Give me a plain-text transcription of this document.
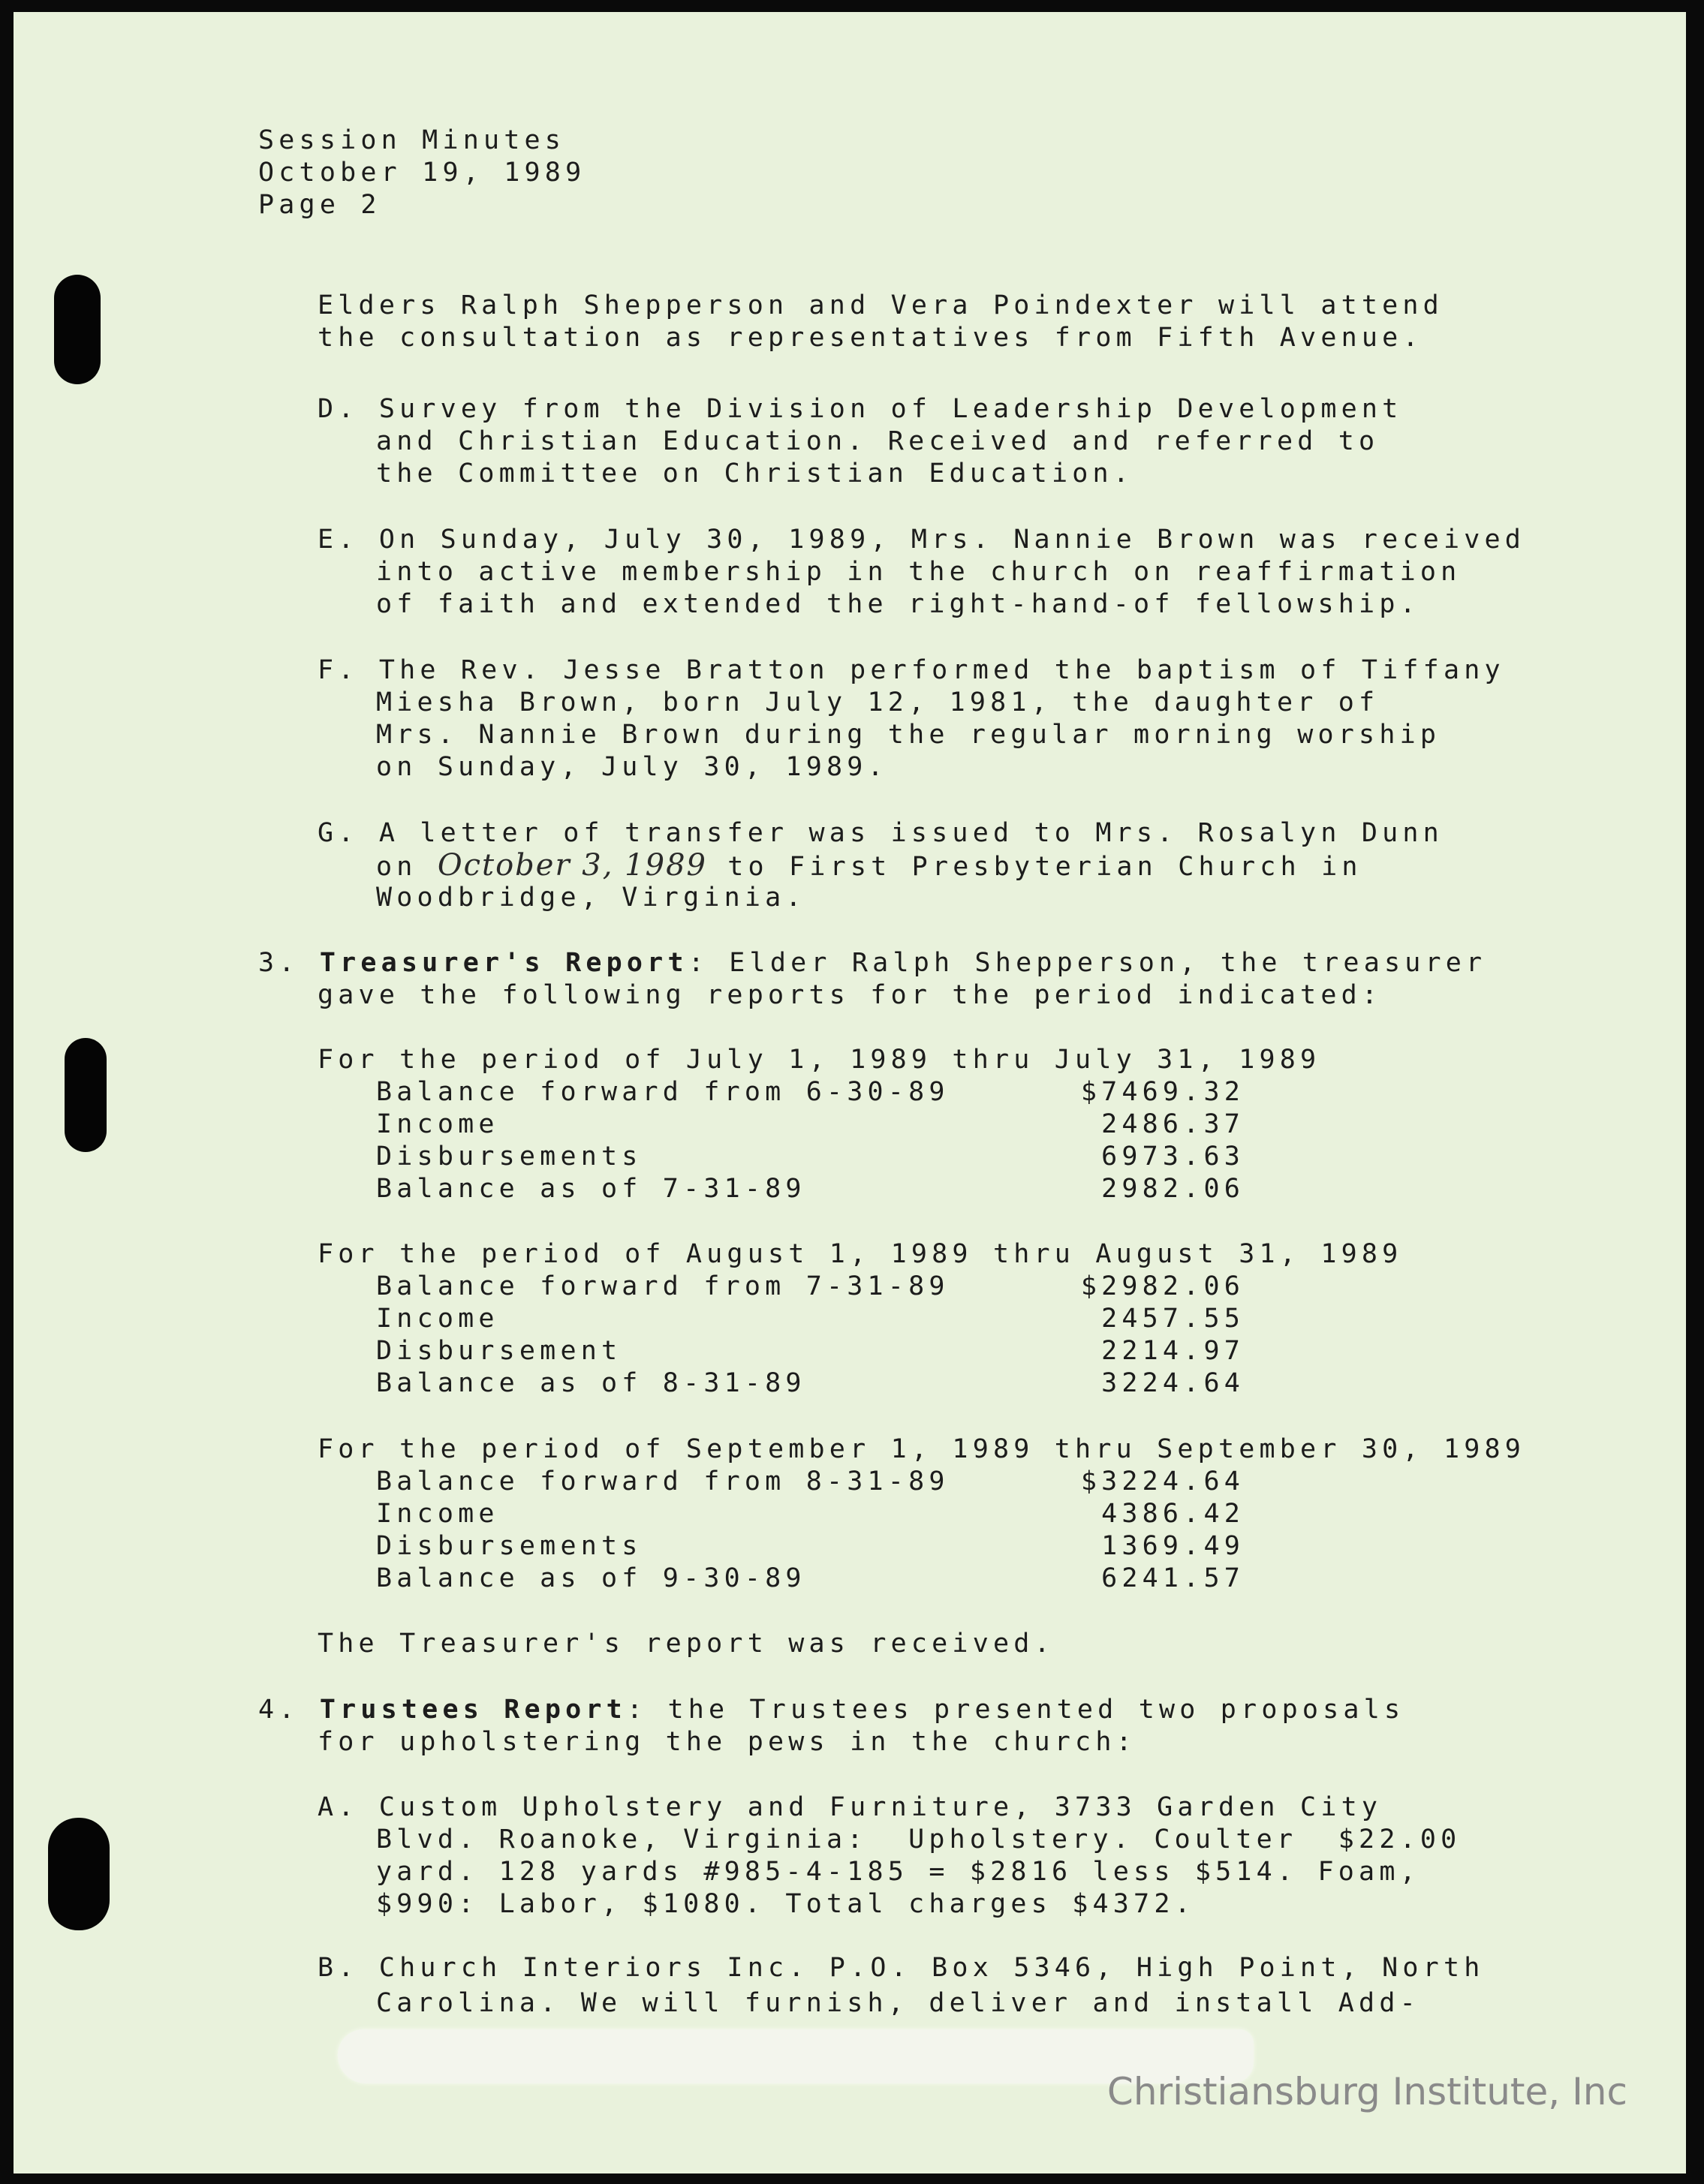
Session Minutes
October 19, 1989
Page 2
Elders Ralph Shepperson and Vera Poindexter will attend
the consultation as representatives from Fifth Avenue.
D. Survey from the Division of Leadership Development
and Christian Education. Received and referred to
the Committee on Christian Education.
E. On Sunday, July 30, 1989, Mrs. Nannie Brown was received
into active membership in the church on reaffirmation
of faith and extended the right-hand-of fellowship.
F. The Rev. Jesse Bratton performed the baptism of Tiffany
Miesha Brown, born July 12, 1981, the daughter of
Mrs. Nannie Brown during the regular morning worship
on Sunday, July 30, 1989.
G. A letter of transfer was issued to Mrs. Rosalyn Dunn
on October 3, 1989 to First Presbyterian Church in
Woodbridge, Virginia.
3. Treasurer's Report: Elder Ralph Shepperson, the treasurer
gave the following reports for the period indicated:
For the period of July 1, 1989 thru July 31, 1989
Balance forward from 6-30-89	$7469.32
Income	2486.37
Disbursements	6973.63
Balance as of 7-31-89	2982.06
For the period of August 1, 1989 thru August 31, 1989
Balance forward from 7-31-89	$2982.06
Income	2457.55
Disbursement	2214.97
Balance as of 8-31-89	3224.64
For the period of September 1, 1989 thru September 30, 1989
Balance forward from 8-31-89	$3224.64
Income	4386.42
Disbursements	1369.49
Balance as of 9-30-89	6241.57
The Treasurer's report was received.
4. Trustees Report: the Trustees presented two proposals
for upholstering the pews in the church:
A. Custom Upholstery and Furniture, 3733 Garden City
Blvd. Roanoke, Virginia:  Upholstery. Coulter  $22.00
yard. 128 yards #985-4-185 = $2816 less $514. Foam,
$990: Labor, $1080. Total charges $4372.
B. Church Interiors Inc. P.O. Box 5346, High Point, North
Carolina. We will furnish, deliver and install Add-
Christiansburg Institute, Inc
